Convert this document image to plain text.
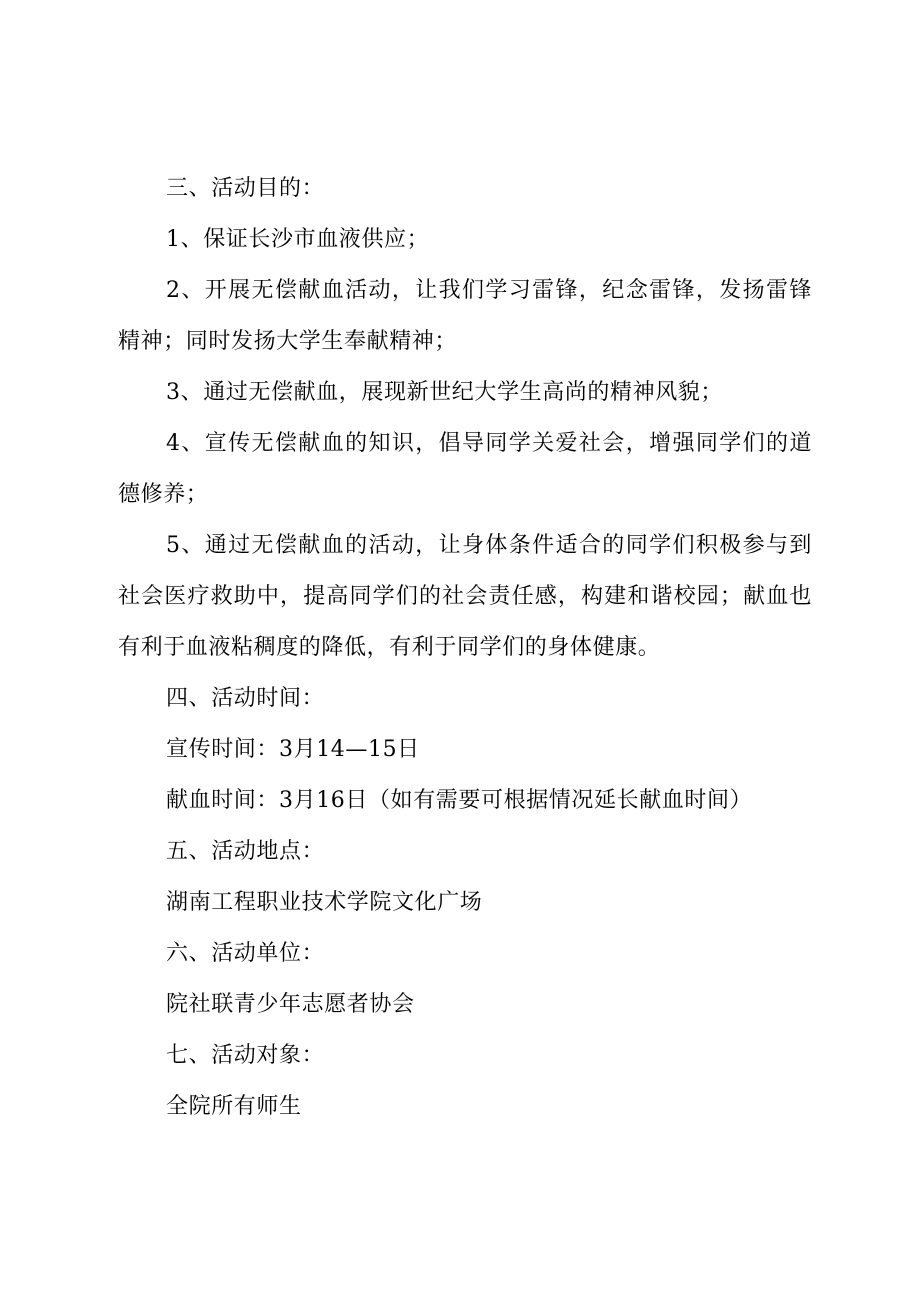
三、活动目的：

1、保证长沙市血液供应；

2、开展无偿献血活动，让我们学习雷锋，纪念雷锋，发扬雷锋精神；同时发扬大学生奉献精神；

3、通过无偿献血，展现新世纪大学生高尚的精神风貌；

4、宣传无偿献血的知识，倡导同学关爱社会，增强同学们的道德修养；

5、通过无偿献血的活动，让身体条件适合的同学们积极参与到社会医疗救助中，提高同学们的社会责任感，构建和谐校园；献血也有利于血液粘稠度的降低，有利于同学们的身体健康。

四、活动时间：

宣传时间：3月14—15日

献血时间：3月16日（如有需要可根据情况延长献血时间）

五、活动地点：

湖南工程职业技术学院文化广场

六、活动单位：

院社联青少年志愿者协会

七、活动对象：

全院所有师生
